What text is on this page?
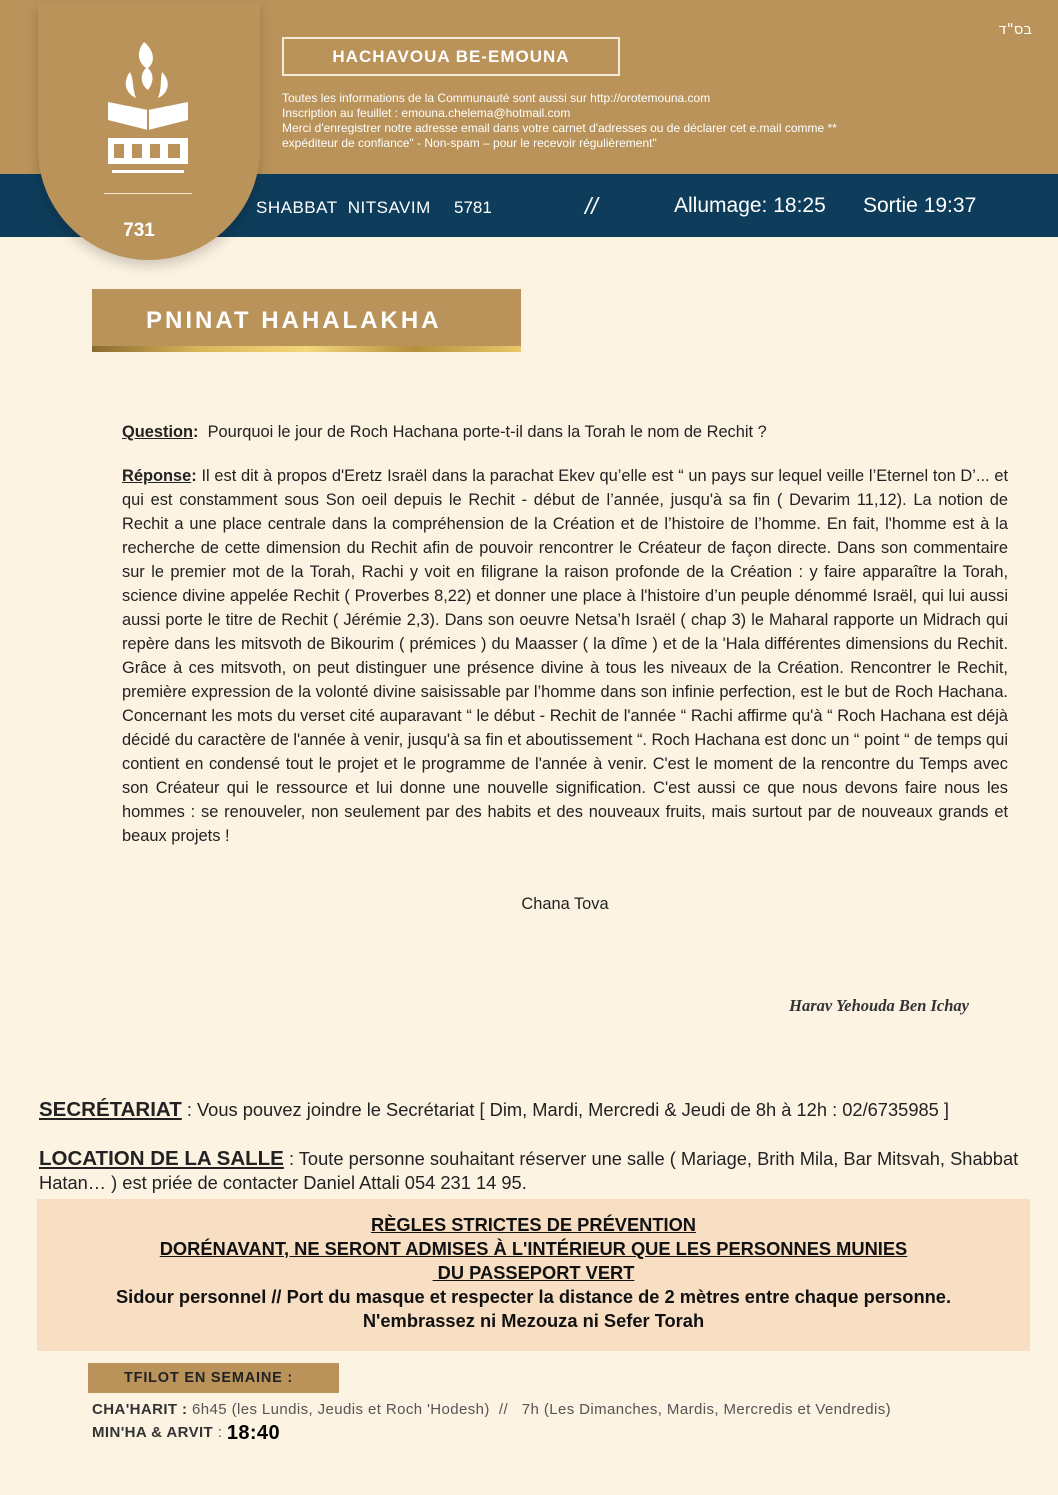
731
בס"ד
HACHAVOUA BE-EMOUNA
Toutes les informations de la Communauté sont aussi sur http://orotemouna.com
Inscription au feuillet : emouna.chelema@hotmail.com
Merci d'enregistrer notre adresse email dans votre carnet d'adresses ou de déclarer cet e.mail comme **
expéditeur de confiance" - Non-spam – pour le recevoir régulièrement"
SHABBAT  NITSAVIM 5781	//	Allumage: 18:25 Sortie 19:37
PNINAT HAHALAKHA
Question: Pourquoi le jour de Roch Hachana porte-t-il dans la Torah le nom de Rechit ?
Réponse: Il est dit à propos d'Eretz Israël dans la parachat Ekev qu’elle est “ un pays sur lequel veille l’Eternel ton D’... et qui est constamment sous Son oeil depuis le Rechit - début de l’année, jusqu'à sa fin ( Devarim 11,12). La notion de Rechit a une place centrale dans la compréhension de la Création et de l’histoire de l’homme. En fait, l'homme est à la recherche de cette dimension du Rechit afin de pouvoir rencontrer le Créateur de façon directe. Dans son commentaire sur le premier mot de la Torah, Rachi y voit en filigrane la raison profonde de la Création : y faire apparaître la Torah, science divine appelée Rechit ( Proverbes 8,22) et donner une place à l'histoire d’un peuple dénommé Israël, qui lui aussi aussi porte le titre de Rechit ( Jérémie 2,3). Dans son oeuvre Netsa’h Israël ( chap 3) le Maharal rapporte un Midrach qui repère dans les mitsvoth de Bikourim ( prémices ) du Maasser ( la dîme ) et de la 'Hala différentes dimensions du Rechit. Grâce à ces mitsvoth, on peut distinguer une présence divine à tous les niveaux de la Création. Rencontrer le Rechit, première expression de la volonté divine saisissable par l’homme dans son infinie perfection, est le but de Roch Hachana. Concernant les mots du verset cité auparavant “ le début - Rechit de l'année “ Rachi affirme qu'à “ Roch Hachana est déjà décidé du caractère de l'année à venir, jusqu'à sa fin et aboutissement “. Roch Hachana est donc un “ point “ de temps qui contient en condensé tout le projet et le programme de l'année à venir. C'est le moment de la rencontre du Temps avec son Créateur qui le ressource et lui donne une nouvelle signification. C'est aussi ce que nous devons faire nous les hommes : se renouveler, non seulement par des habits et des nouveaux fruits, mais surtout par de nouveaux grands et beaux projets !
Chana Tova
Harav Yehouda Ben Ichay
SECRÉTARIAT : Vous pouvez joindre le Secrétariat [ Dim, Mardi, Mercredi & Jeudi de 8h à 12h : 02/6735985 ]
LOCATION DE LA SALLE : Toute personne souhaitant réserver une salle ( Mariage, Brith Mila, Bar Mitsvah, Shabbat Hatan… ) est priée de contacter Daniel Attali 054 231 14 95.
RÈGLES STRICTES DE PRÉVENTION
DORÉNAVANT, NE SERONT ADMISES À L'INTÉRIEUR QUE LES PERSONNES MUNIES
DU PASSEPORT VERT
Sidour personnel // Port du masque et respecter la distance de 2 mètres entre chaque personne.
N'embrassez ni Mezouza ni Sefer Torah
TFILOT EN SEMAINE :
CHA'HARIT : 6h45 (les Lundis, Jeudis et Roch 'Hodesh)  //   7h (Les Dimanches, Mardis, Mercredis et Vendredis)
MIN'HA & ARVIT : 18:40
